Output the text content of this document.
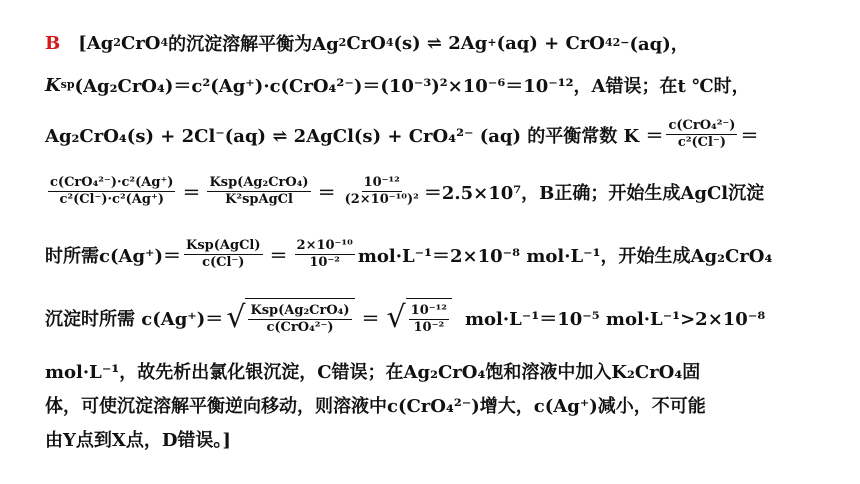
B [Ag 2 CrO 4 的沉淀溶解平衡为Ag 2 CrO 4 (s) ⇌ 2Ag + (aq) + CrO 4 2− (aq)，
K sp (Ag₂CrO₄)＝c²(Ag⁺)·c(CrO₄²⁻)＝(10⁻³)²×10⁻⁶＝10⁻¹²，A错误；在t ℃时，
Ag₂CrO₄(s) + 2Cl⁻(aq) ⇌ 2AgCl(s) + CrO₄²⁻ (aq) 的平衡常数 $K = \frac{\text{c(CrO₄²⁻)}}{\text{c²(Cl⁻)}}$ ＝
$\frac{\text{c(CrO₄²⁻)·c²(Ag⁺)}}{\text{c²(Cl⁻)·c²(Ag⁺)}} = \frac{\text{Ksp(Ag₂CrO₄)}}{\text{K²spAgCl}} = \frac{\text{10⁻¹²}}{\text{(2×10⁻¹⁰)²}} =2.5\times 10^7$，B正确；开始生成AgCl沉淀
时所需$c(Ag^+)= \frac{\text{Ksp(AgCl)}}{c(Cl^-)} = \frac{\text{2×10⁻¹⁰}}{\text{10⁻²}} mol\cdot L^{-1}=2\times 10^{-8}$ mol·L⁻¹，开始生成Ag₂CrO₄
沉淀时所需 c(Ag⁺)＝ √ $\frac{\text{Ksp(Ag₂CrO₄)}}{\text{c(CrO₄²⁻)}}$ ＝ √ $\frac{\text{10⁻¹²}}{\text{10⁻²}} mol\cdot L^{-1}=10^{-5}$ mol·L⁻¹>2×10⁻⁸
mol·L⁻¹，故先析出氯化银沉淀，C错误；在Ag₂CrO₄饱和溶液中加入K₂CrO₄固
体，可使沉淀溶解平衡逆向移动，则溶液中c(CrO₄²⁻)增大，c(Ag⁺)减小，不可能
由Y点到X点，D错误。]
